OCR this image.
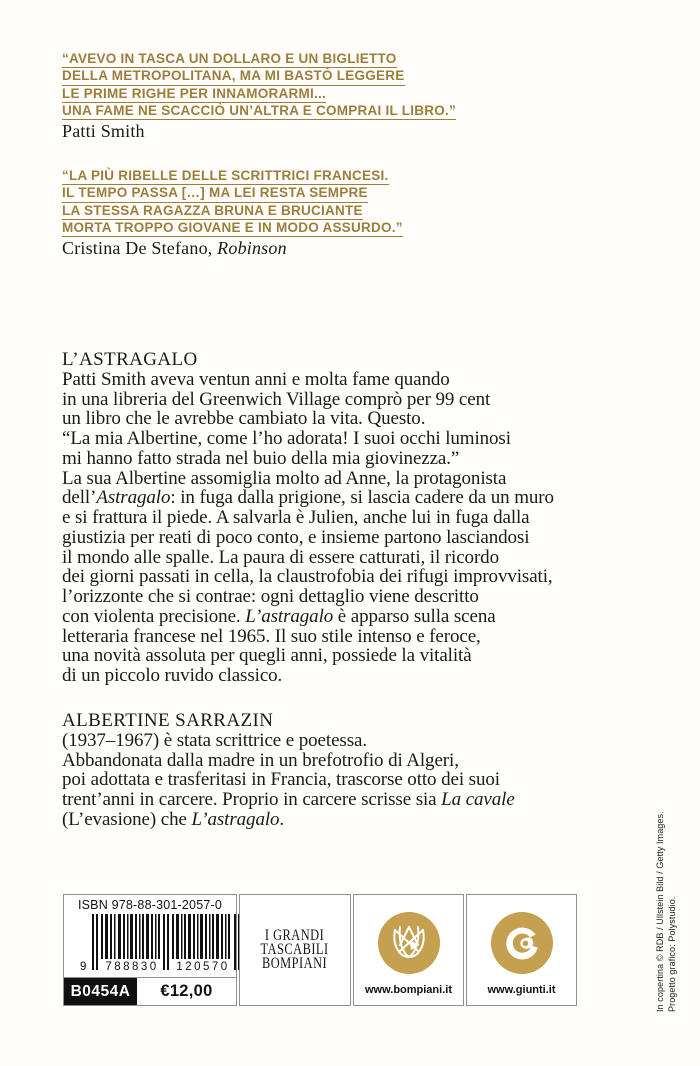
“AVEVO IN TASCA UN DOLLARO E UN BIGLIETTO
DELLA METROPOLITANA, MA MI BASTÒ LEGGERE
LE PRIME RIGHE PER INNAMORARMI...
UNA FAME NE SCACCIÒ UN’ALTRA E COMPRAI IL LIBRO.”
Patti Smith
“LA PIÙ RIBELLE DELLE SCRITTRICI FRANCESI.
IL TEMPO PASSA […] MA LEI RESTA SEMPRE
LA STESSA RAGAZZA BRUNA E BRUCIANTE
MORTA TROPPO GIOVANE E IN MODO ASSURDO.”
Cristina De Stefano, Robinson
L’ASTRAGALO
Patti Smith aveva ventun anni e molta fame quando
in una libreria del Greenwich Village comprò per 99 cent
un libro che le avrebbe cambiato la vita. Questo.
“La mia Albertine, come l’ho adorata! I suoi occhi luminosi
mi hanno fatto strada nel buio della mia giovinezza.”
La sua Albertine assomiglia molto ad Anne, la protagonista
dell’Astragalo: in fuga dalla prigione, si lascia cadere da un muro
e si frattura il piede. A salvarla è Julien, anche lui in fuga dalla
giustizia per reati di poco conto, e insieme partono lasciandosi
il mondo alle spalle. La paura di essere catturati, il ricordo
dei giorni passati in cella, la claustrofobia dei rifugi improvvisati,
l’orizzonte che si contrae: ogni dettaglio viene descritto
con violenta precisione. L’astragalo è apparso sulla scena
letteraria francese nel 1965. Il suo stile intenso e feroce,
una novità assoluta per quegli anni, possiede la vitalità
di un piccolo ruvido classico.
ALBERTINE SARRAZIN
(1937–1967) è stata scrittrice e poetessa.
Abbandonata dalla madre in un brefotrofio di Algeri,
poi adottata e trasferitasi in Francia, trascorse otto dei suoi
trent’anni in carcere. Proprio in carcere scrisse sia La cavale
(L’evasione) che L’astragalo.
ISBN 978-88-301-2057-0
9	788830	120570
B0454A	€12,00
I GRANDI
TASCABILI
BOMPIANI
www.bompiani.it	www.giunti.it	In copertina © RDB / Ullstein Bild / Getty Images. Progetto grafico: Polystudio.
